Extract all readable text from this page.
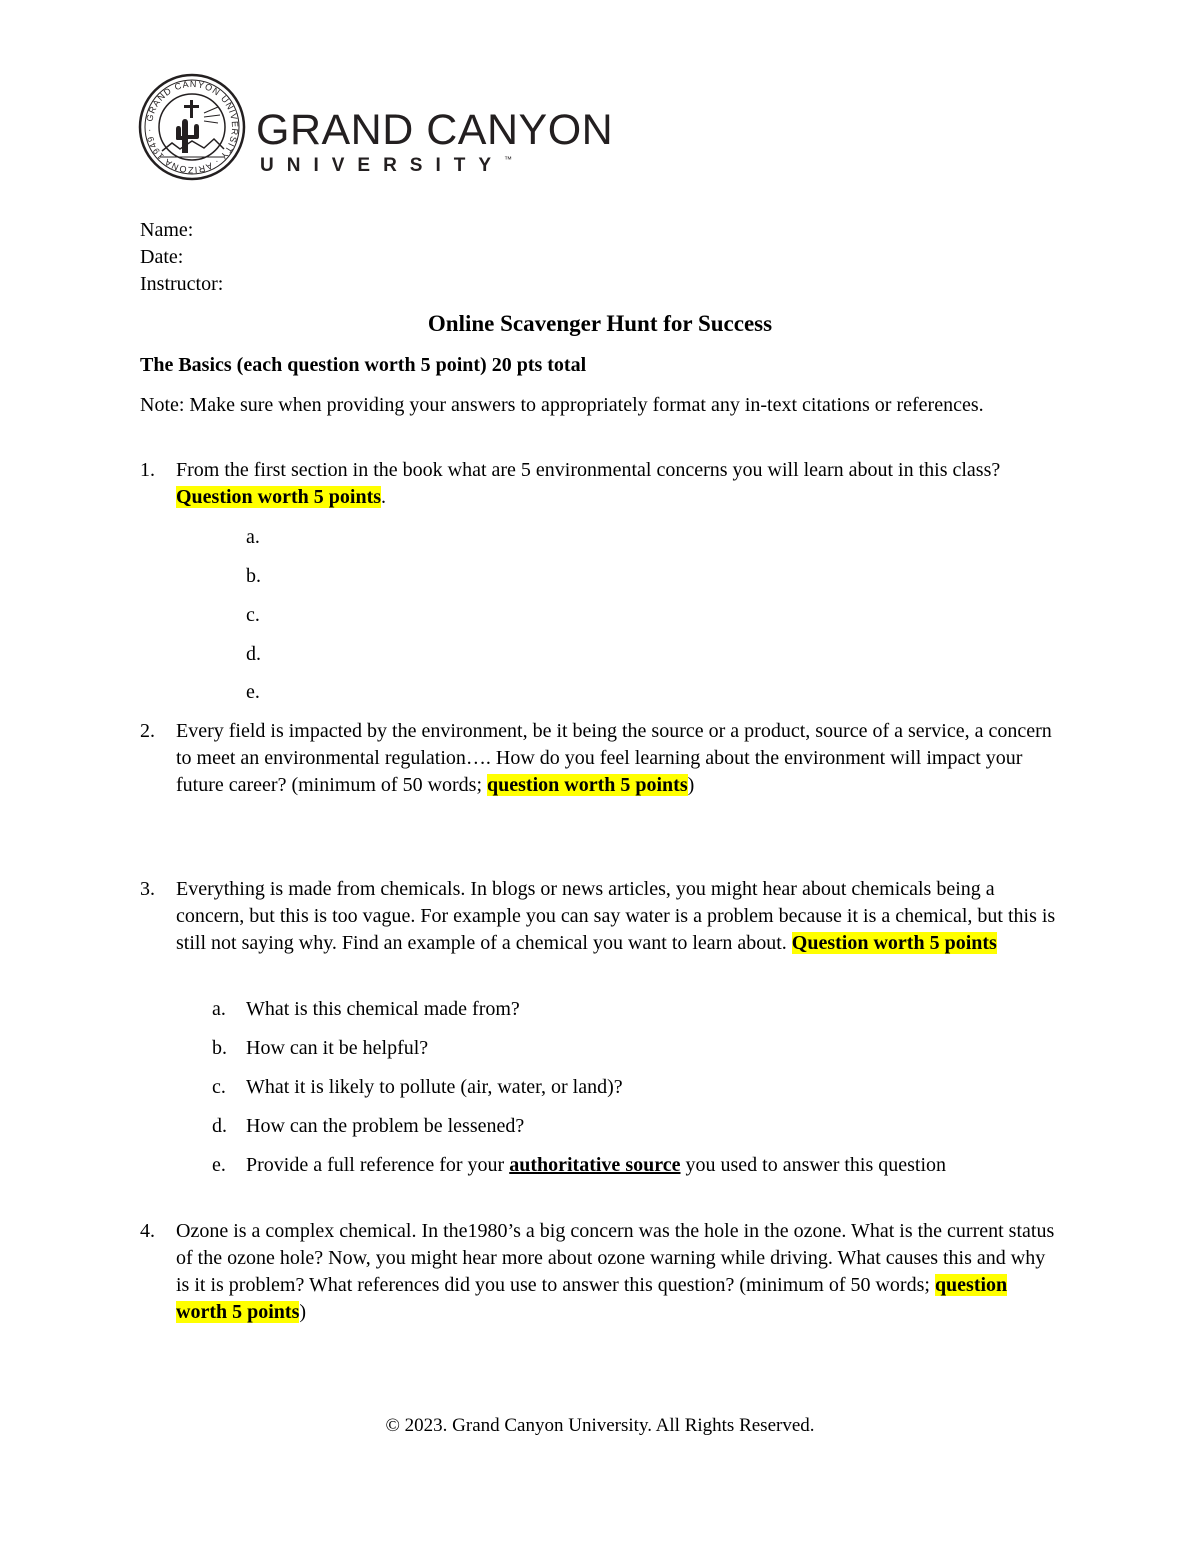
GRAND CANYON UNIVERSITY · ARIZONA 1949 ·	GRAND CANYON
UNIVERSITY™
Name:
Date:
Instructor:
Online Scavenger Hunt for Success
The Basics (each question worth 5 point) 20 pts total
Note: Make sure when providing your answers to appropriately format any in-text citations or references.
1. From the first section in the book what are 5 environmental concerns you will learn about in this class? Question worth 5 points.
a.
b.
c.
d.
e.
2. Every field is impacted by the environment, be it being the source or a product, source of a service, a concern to meet an environmental regulation…. How do you feel learning about the environment will impact your future career? (minimum of 50 words; question worth 5 points)
3. Everything is made from chemicals. In blogs or news articles, you might hear about chemicals being a concern, but this is too vague. For example you can say water is a problem because it is a chemical, but this is still not saying why. Find an example of a chemical you want to learn about. Question worth 5 points
a. What is this chemical made from?
b. How can it be helpful?
c. What it is likely to pollute (air, water, or land)?
d. How can the problem be lessened?
e. Provide a full reference for your authoritative source you used to answer this question
4. Ozone is a complex chemical. In the1980’s a big concern was the hole in the ozone. What is the current status of the ozone hole? Now, you might hear more about ozone warning while driving. What causes this and why is it is problem? What references did you use to answer this question? (minimum of 50 words; question worth 5 points)
© 2023. Grand Canyon University. All Rights Reserved.
